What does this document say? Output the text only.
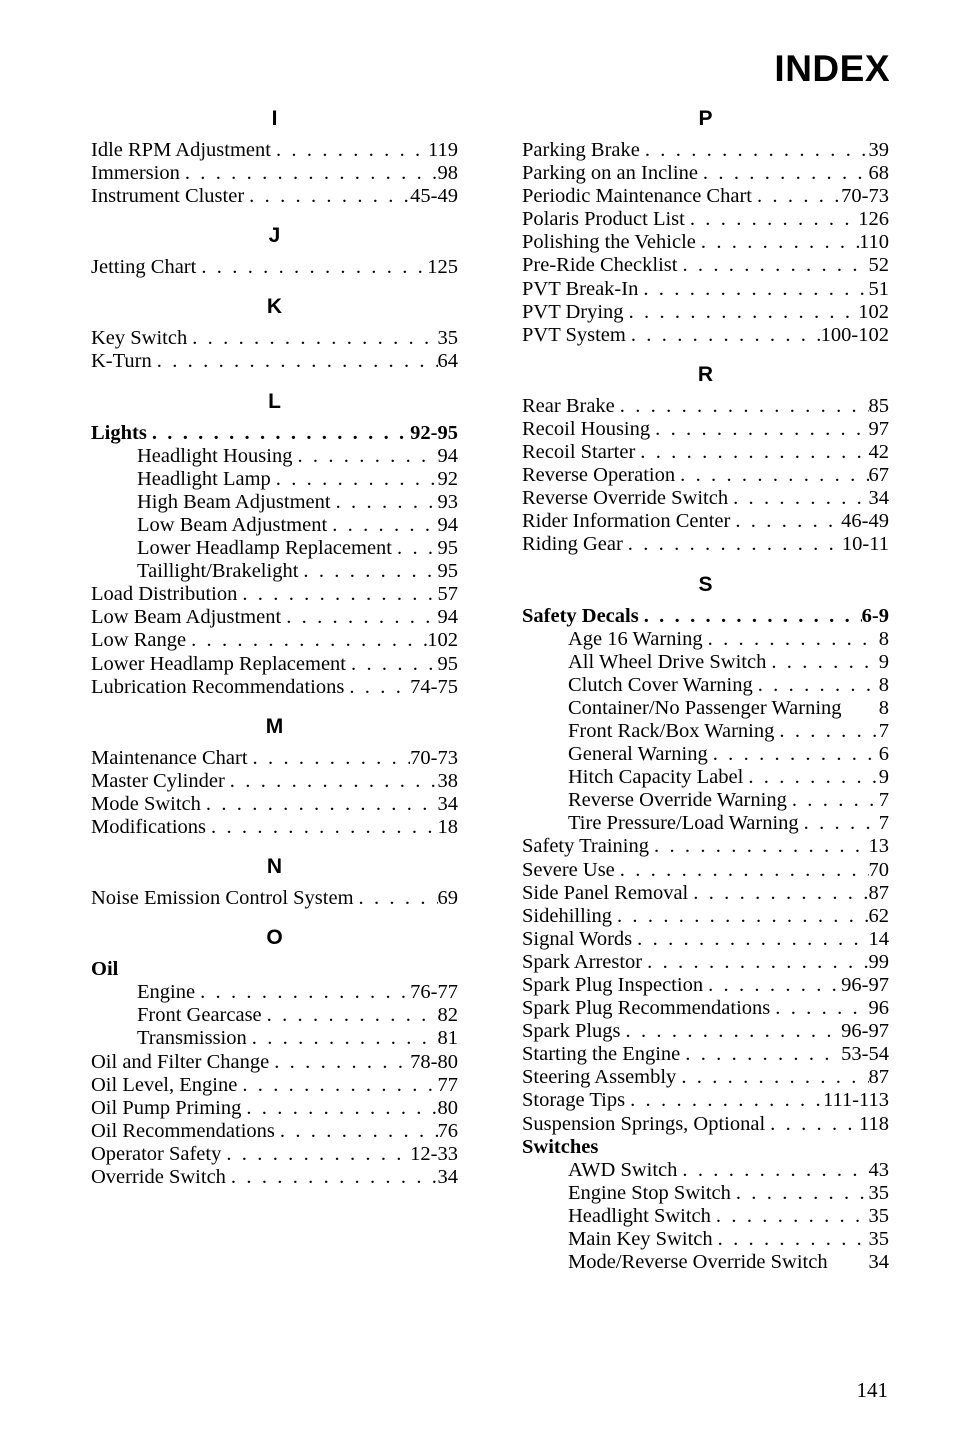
INDEX
I
Idle RPM Adjustment . . .	119
Immersion . . .	98
Instrument Cluster . . .	45-49
J
Jetting Chart . . .	125
K
Key Switch . . .	35
K-Turn . . .	64
L
Lights . . .	92-95
Headlight Housing . . .	94
Headlight Lamp . . .	92
High Beam Adjustment . . .	93
Low Beam Adjustment . . .	94
Lower Headlamp Replacement . . . 95
Taillight/Brakelight . . .	95
Load Distribution . . .	57
Low Beam Adjustment . . .	94
Low Range . . .	102
Lower Headlamp Replacement . . .	95
Lubrication Recommendations . . .	74-75
M
Maintenance Chart . . .	70-73
Master Cylinder . . .	38
Mode Switch . . .	34
Modifications . . .	18
N
Noise Emission Control System . . .	69
O
Oil
Engine . . .	76-77
Front Gearcase . . .	82
Transmission . . .	81
Oil and Filter Change . . .	78-80
Oil Level, Engine . . .	77
Oil Pump Priming . . .	80
Oil Recommendations . . .	76
Operator Safety . . .	12-33
Override Switch . . .	34
P
Parking Brake . . .	39
Parking on an Incline . . .	68
Periodic Maintenance Chart . . .	70-73
Polaris Product List . . .	126
Polishing the Vehicle . . .	110
Pre-Ride Checklist . . .	52
PVT Break-In . . .	51
PVT Drying . . .	102
PVT System . . .	100-102
R
Rear Brake . . .	85
Recoil Housing . . .	97
Recoil Starter . . .	42
Reverse Operation . . .	67
Reverse Override Switch . . .	34
Rider Information Center . . .	46-49
Riding Gear . . .	10-11
S
Safety Decals . . .	6-9
Age 16 Warning . . .	8
All Wheel Drive Switch . . .	9
Clutch Cover Warning . . .	8
Container/No Passenger Warning 8
Front Rack/Box Warning . . .	7
General Warning . . .	6
Hitch Capacity Label . . .	9
Reverse Override Warning . . .	7
Tire Pressure/Load Warning . . .	7
Safety Training . . .	13
Severe Use . . .	70
Side Panel Removal . . .	87
Sidehilling . . .	62
Signal Words . . .	14
Spark Arrestor . . .	99
Spark Plug Inspection . . .	96-97
Spark Plug Recommendations . . .	96
Spark Plugs . . .	96-97
Starting the Engine . . .	53-54
Steering Assembly . . .	87
Storage Tips . . .	111-113
Suspension Springs, Optional . . .	118
Switches
AWD Switch . . .	43
Engine Stop Switch . . .	35
Headlight Switch . . .	35
Main Key Switch . . .	35
Mode/Reverse Override Switch 34
141
